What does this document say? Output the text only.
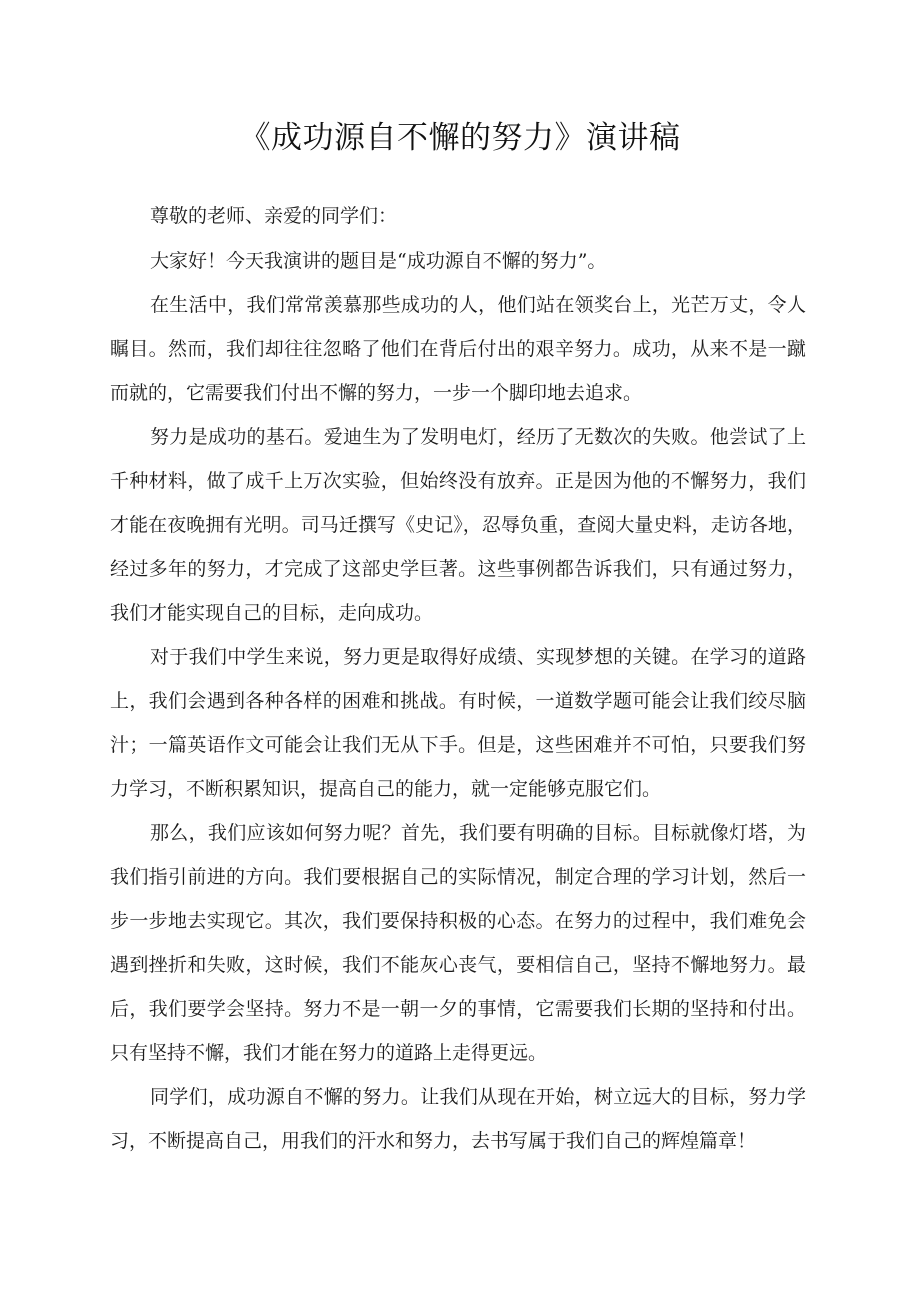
《成功源自不懈的努力》演讲稿

尊敬的老师、亲爱的同学们：

大家好！今天我演讲的题目是“成功源自不懈的努力”。

在生活中，我们常常羡慕那些成功的人，他们站在领奖台上，光芒万丈，令人瞩目。然而，我们却往往忽略了他们在背后付出的艰辛努力。成功，从来不是一蹴而就的，它需要我们付出不懈的努力，一步一个脚印地去追求。

努力是成功的基石。爱迪生为了发明电灯，经历了无数次的失败。他尝试了上千种材料，做了成千上万次实验，但始终没有放弃。正是因为他的不懈努力，我们才能在夜晚拥有光明。司马迁撰写《史记》，忍辱负重，查阅大量史料，走访各地，经过多年的努力，才完成了这部史学巨著。这些事例都告诉我们，只有通过努力，我们才能实现自己的目标，走向成功。

对于我们中学生来说，努力更是取得好成绩、实现梦想的关键。在学习的道路上，我们会遇到各种各样的困难和挑战。有时候，一道数学题可能会让我们绞尽脑汁；一篇英语作文可能会让我们无从下手。但是，这些困难并不可怕，只要我们努力学习，不断积累知识，提高自己的能力，就一定能够克服它们。

那么，我们应该如何努力呢？首先，我们要有明确的目标。目标就像灯塔，为我们指引前进的方向。我们要根据自己的实际情况，制定合理的学习计划，然后一步一步地去实现它。其次，我们要保持积极的心态。在努力的过程中，我们难免会遇到挫折和失败，这时候，我们不能灰心丧气，要相信自己，坚持不懈地努力。最后，我们要学会坚持。努力不是一朝一夕的事情，它需要我们长期的坚持和付出。只有坚持不懈，我们才能在努力的道路上走得更远。

同学们，成功源自不懈的努力。让我们从现在开始，树立远大的目标，努力学习，不断提高自己，用我们的汗水和努力，去书写属于我们自己的辉煌篇章！
